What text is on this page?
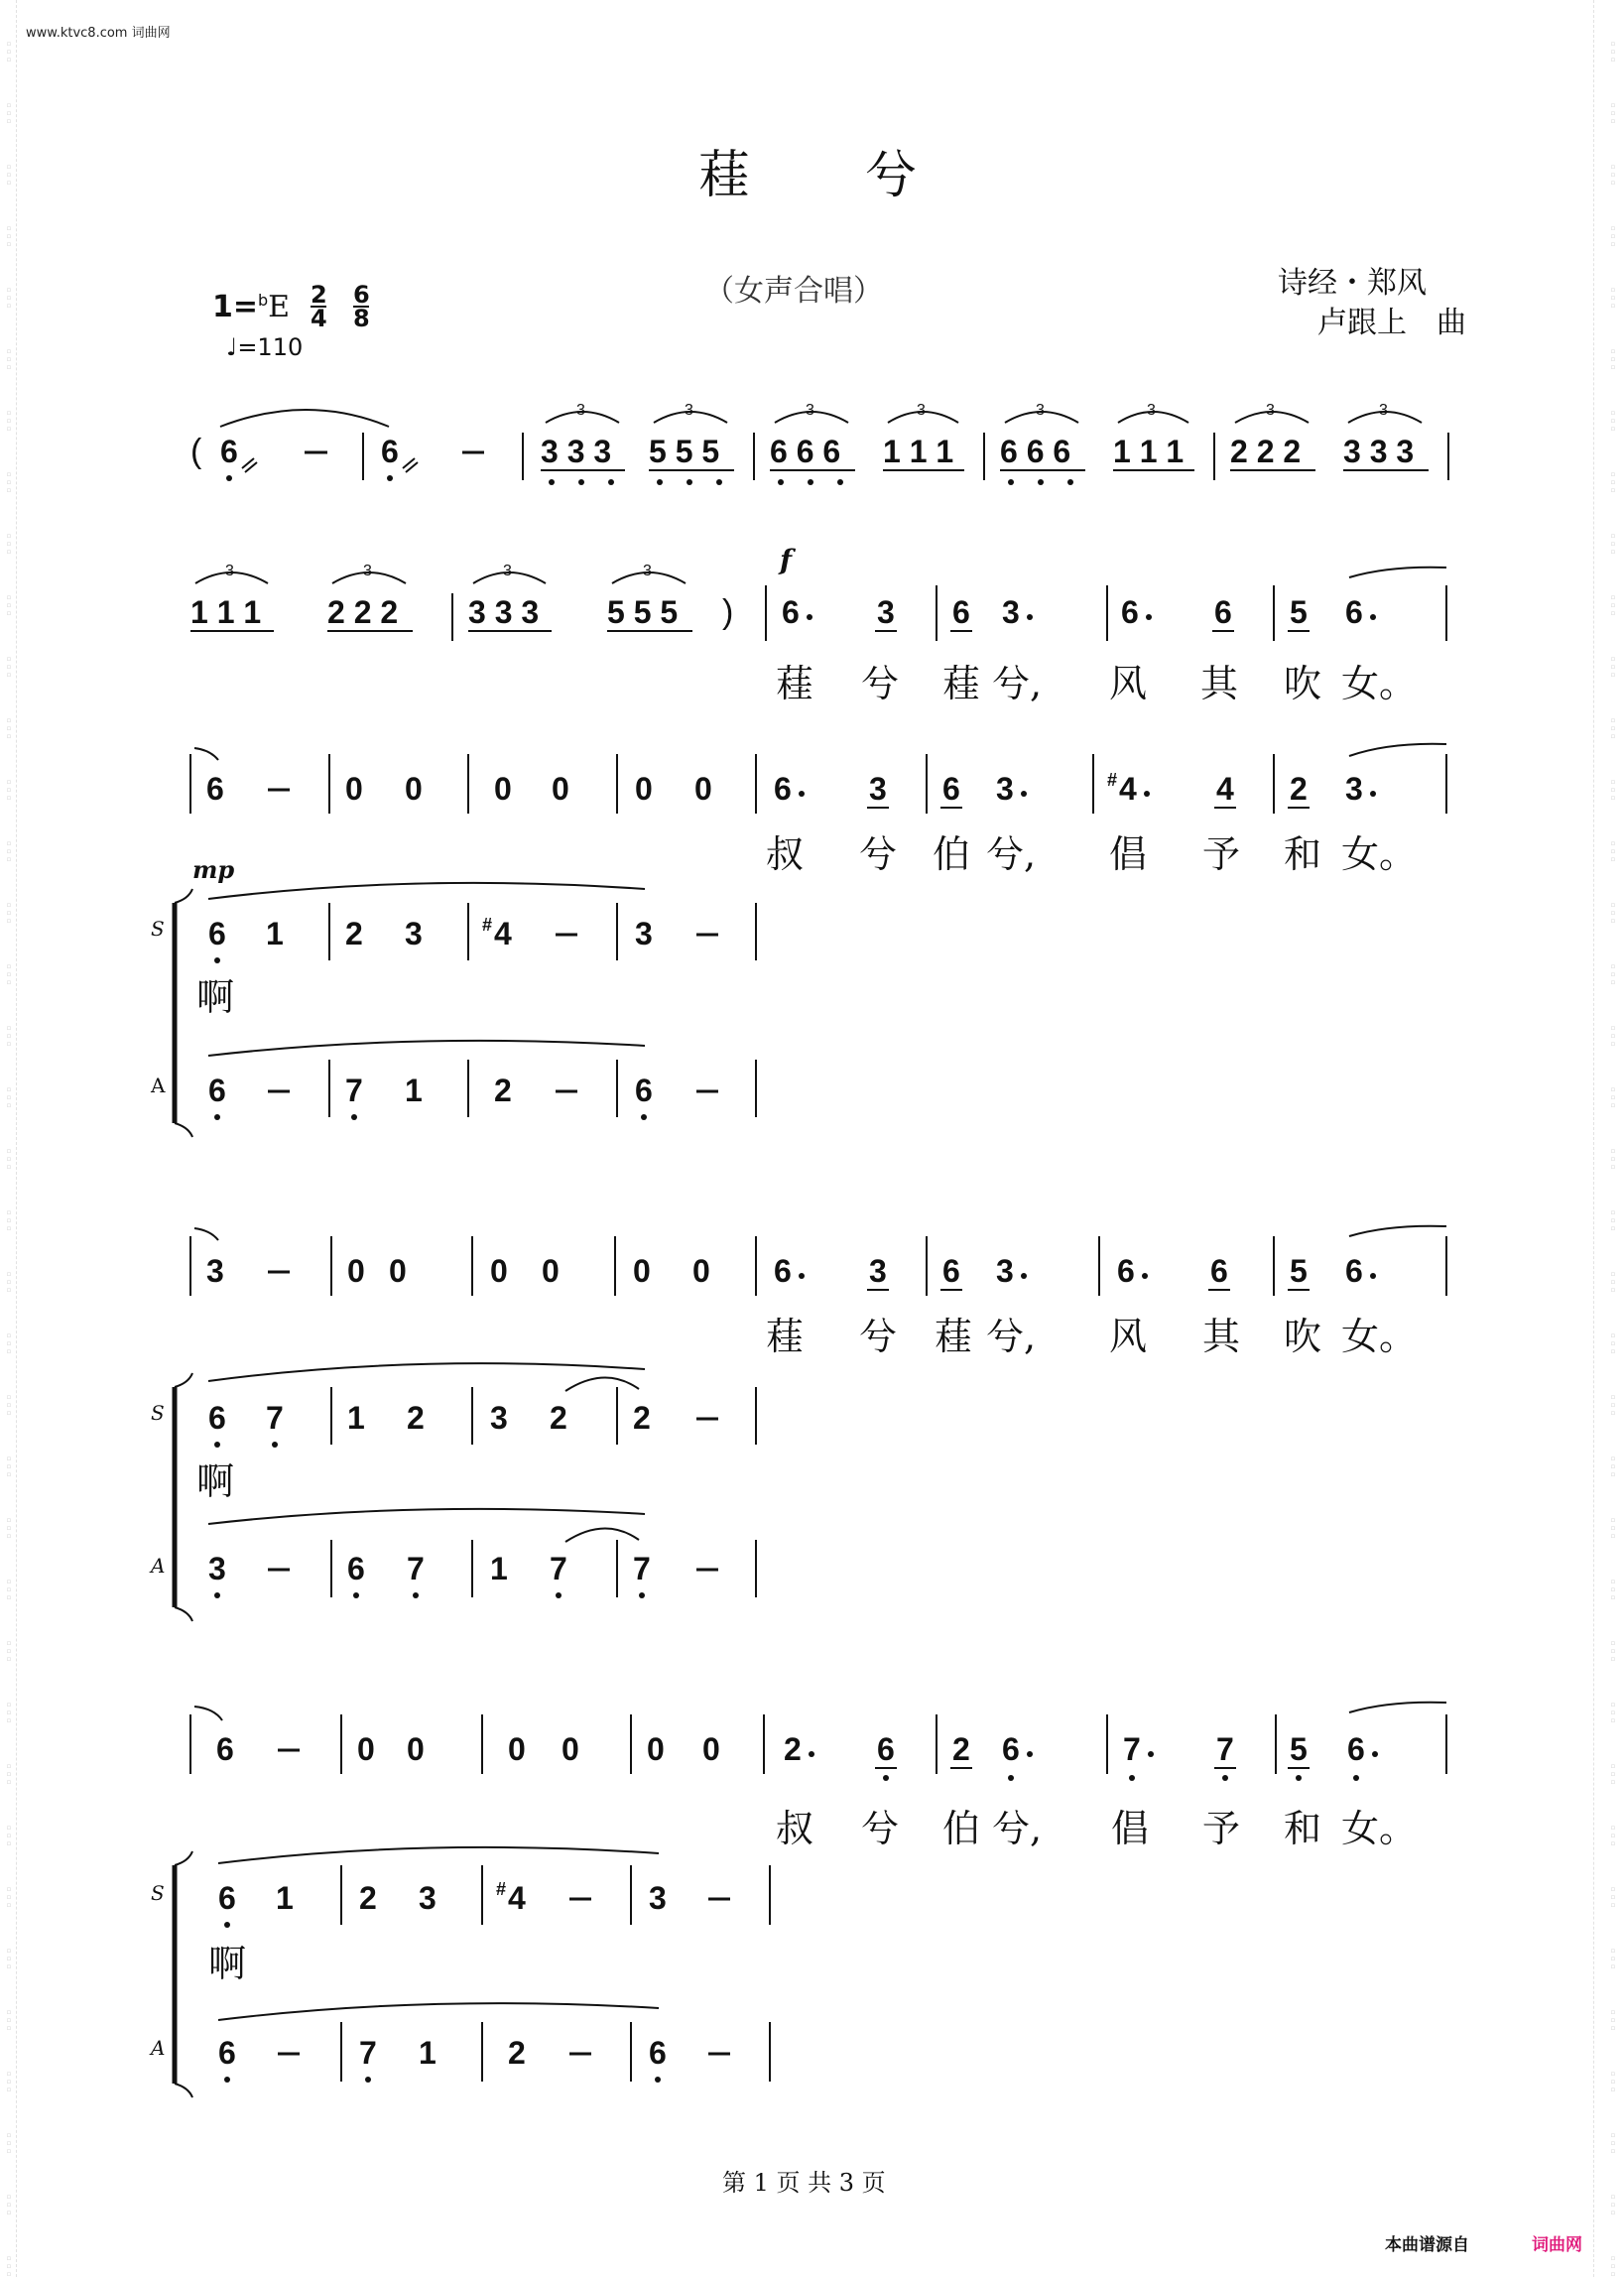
▫
▫
▫
▫
▫
▫
▫
▫
▫
▫
▫
▫
▫
▫
▫
▫
▫
▫
▫
▫
▫
▫
▫
▫
▫
▫
▫
▫
▫
▫
▫
▫
▫
▫
▫
▫
▫
▫
▫
▫
▫
▫
▫
▫
▫
▫
▫
▫
▫
▫
▫
▫
▫
▫
▫
▫
▫
▫
▫
▫
▫
▫
▫
▫
▫
▫
▫
▫
▫
▫
▫
▫
▫
▫
▫
▫
▫
▫
▫
▫
▫
▫
▫
▫
▫
▫
▫
▫
▫
▫
▫
▫
▫
▫
▫
▫
▫
▫
▫
▫
▫
▫
▫
▫
▫
▫
▫
▫
▫
▫
▫
▫
▫
▫
▫
▫
▫
▫
▫
▫
▫
▫
▫
▫
▫
▫
▫
▫
▫
▫
▫
▫
▫
▫
▫
▫
▫
▫
▫
▫
▫
▫
▫
▫
▫
▫
▫
▫
▫
▫
▫
▫
▫
▫
▫
▫
▫
▫
▫
▫
▫
▫
▫
▫
▫
▫
▫
▫
▫
▫
▫
▫
▫
▫
▫
▫
▫
▫
▫
▫
▫
▫
▫
▫
▫
▫
▫
▫
▫
▫
▫
▫
▫
▫
▫
▫
▫
▫
▫
▫
▫
▫
▫
▫
▫
▫
▫
▫
▫
▫
▫
▫
▫
▫
▫
▫
▫
▫
▫
▫
▫
▫
www.ktvc8.com 词曲网
蓕　　兮
（女声合唱）	诗经・郑风
卢跟上　曲
1=$^b$E 2
4
6
8
♩=110
( 6	6	3 3 3
3
5 5 5
3
6 6 6
3
1 1 1
3
6 6 6
3
1 1 1
3
2 2 2
3
3 3 3
3
1 1 1
3
2 2 2
3
3 3 3
3
5 5 5
3
) 6 3 6 3	6 6 5 6
6	0 0 0 0 0 0 6 3 6 3	# 4	4 2 3
6 1 2 3	# 4	3
6	7 1 2	6
3	0 0	0 0 0 0 6 3 6 3	6 6 5 6
6 7 1 2 3 2 2
3	6 7 1 7 7
6	0 0	0 0 0 0 2 6 2 6	7 7 5 6
6 1 2 3	# 4	3
6	7 1 2	6
f
mp
S
A
S
A
S
A
啊
啊
啊
蓕 兮 蓕 兮, 风 其 吹 女。
叔 兮 伯 兮, 倡 予 和 女。
蓕 兮 蓕 兮, 风 其 吹 女。
叔 兮 伯 兮, 倡 予 和 女。
第 1 页 共 3 页
本曲谱源自	词曲网
